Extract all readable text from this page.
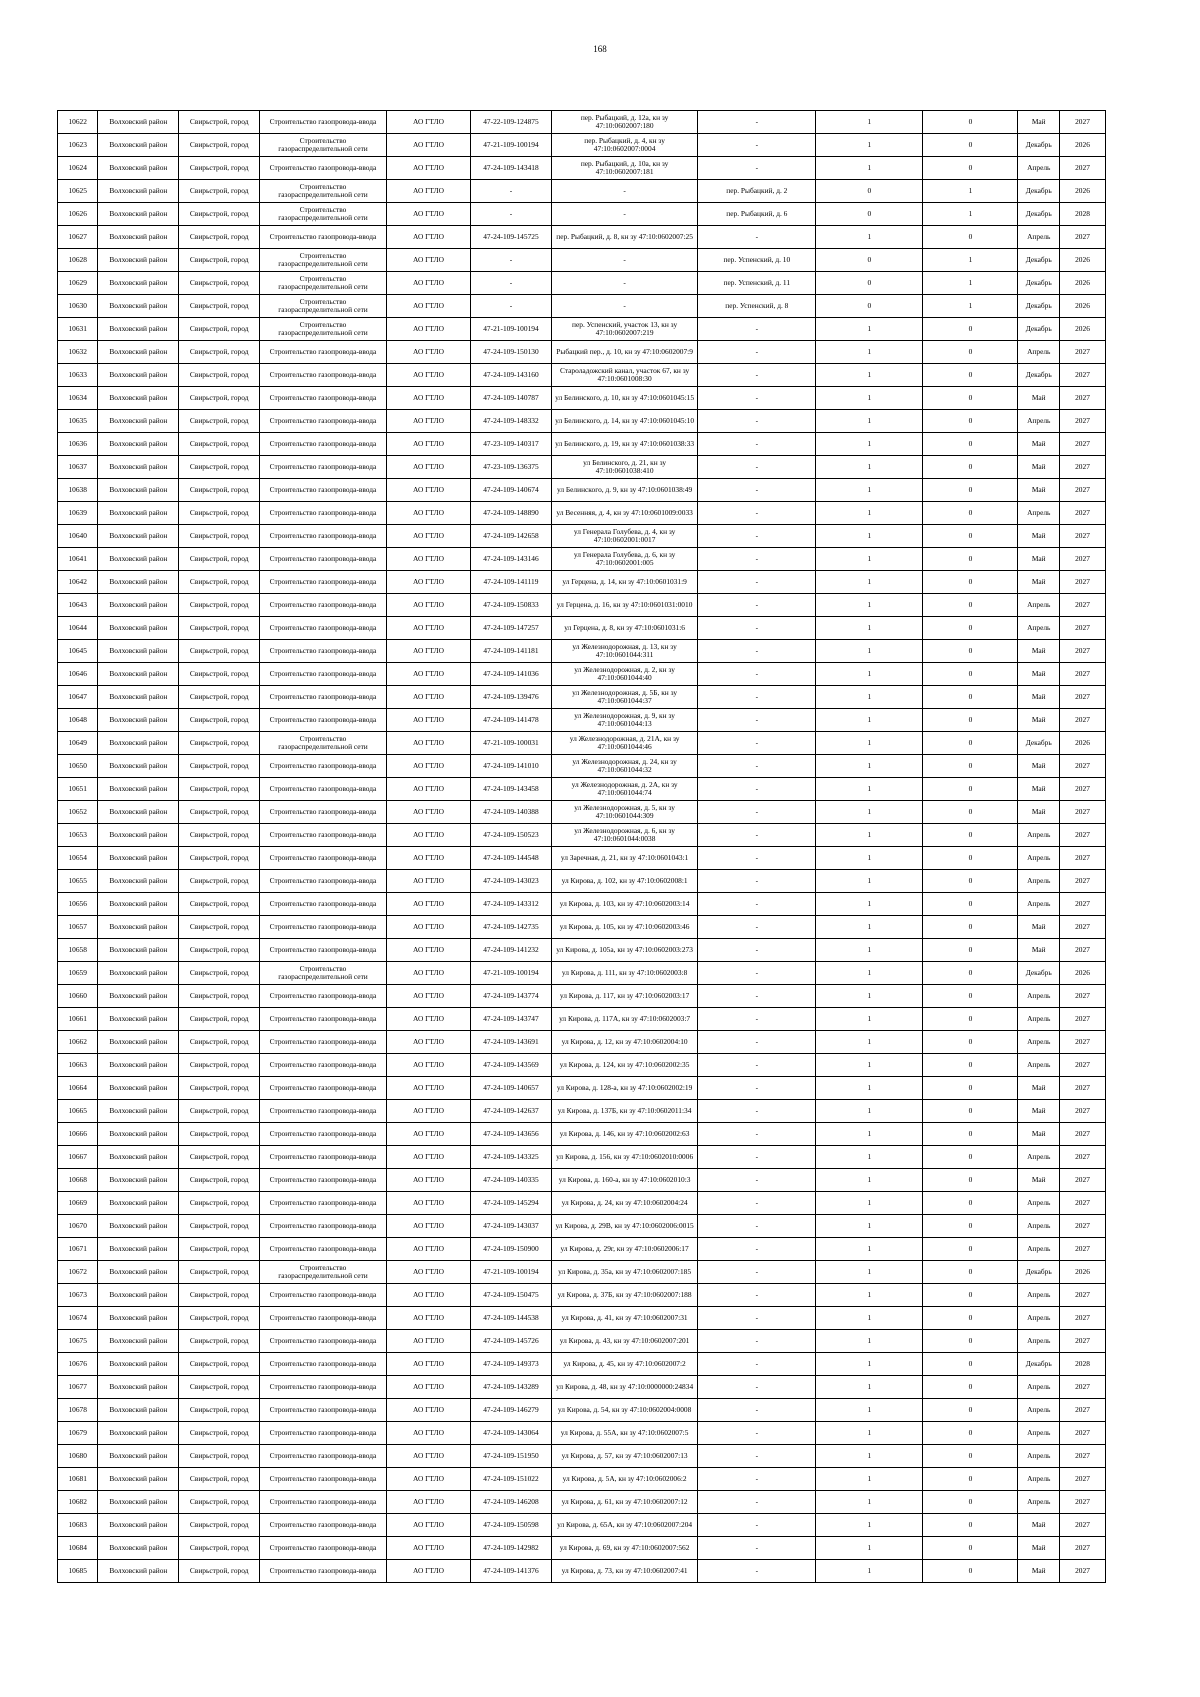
168
10622	Волховский район	Свирьстрой, город	Строительство газопровода-ввода	АО ГТЛО	47-22-109-124875	пер. Рыбацкий, д. 12а, кн зу 47:10:0602007:180	-	1	0	Май	2027
10623	Волховский район	Свирьстрой, город	Строительство газораспределительной сети	АО ГТЛО	47-21-109-100194	пер. Рыбацкий, д. 4, кн зу 47:10:0602007:0004	-	1	0	Декабрь	2026
10624	Волховский район	Свирьстрой, город	Строительство газопровода-ввода	АО ГТЛО	47-24-109-143418	пер. Рыбацкий, д. 10а, кн зу 47:10:0602007:181	-	1	0	Апрель	2027
10625	Волховский район	Свирьстрой, город	Строительство газораспределительной сети	АО ГТЛО	-	-	пер. Рыбацкий, д. 2	0	1	Декабрь	2026
10626	Волховский район	Свирьстрой, город	Строительство газораспределительной сети	АО ГТЛО	-	-	пер. Рыбацкий, д. 6	0	1	Декабрь	2028
10627	Волховский район	Свирьстрой, город	Строительство газопровода-ввода	АО ГТЛО	47-24-109-145725	пер. Рыбацкий, д. 8, кн зу 47:10:0602007:25	-	1	0	Апрель	2027
10628	Волховский район	Свирьстрой, город	Строительство газораспределительной сети	АО ГТЛО	-	-	пер. Успенский, д. 10	0	1	Декабрь	2026
10629	Волховский район	Свирьстрой, город	Строительство газораспределительной сети	АО ГТЛО	-	-	пер. Успенский, д. 11	0	1	Декабрь	2026
10630	Волховский район	Свирьстрой, город	Строительство газораспределительной сети	АО ГТЛО	-	-	пер. Успенский, д. 8	0	1	Декабрь	2026
10631	Волховский район	Свирьстрой, город	Строительство газораспределительной сети	АО ГТЛО	47-21-109-100194	пер. Успенский, участок 13, кн зу 47:10:0602007:219	-	1	0	Декабрь	2026
10632	Волховский район	Свирьстрой, город	Строительство газопровода-ввода	АО ГТЛО	47-24-109-150130	Рыбацкий пер., д. 10, кн зу 47:10:0602007:9	-	1	0	Апрель	2027
10633	Волховский район	Свирьстрой, город	Строительство газопровода-ввода	АО ГТЛО	47-24-109-143160	Староладожский канал, участок 67, кн зу 47:10:0601008:30	-	1	0	Декабрь	2027
10634	Волховский район	Свирьстрой, город	Строительство газопровода-ввода	АО ГТЛО	47-24-109-140787	ул Белинского, д. 10, кн зу 47:10:0601045:15	-	1	0	Май	2027
10635	Волховский район	Свирьстрой, город	Строительство газопровода-ввода	АО ГТЛО	47-24-109-148332	ул Белинского, д. 14, кн зу 47:10:0601045:10	-	1	0	Апрель	2027
10636	Волховский район	Свирьстрой, город	Строительство газопровода-ввода	АО ГТЛО	47-23-109-140317	ул Белинского, д. 19, кн зу 47:10:0601038:33	-	1	0	Май	2027
10637	Волховский район	Свирьстрой, город	Строительство газопровода-ввода	АО ГТЛО	47-23-109-136375	ул Белинского, д. 21, кн зу 47:10:0601038:410	-	1	0	Май	2027
10638	Волховский район	Свирьстрой, город	Строительство газопровода-ввода	АО ГТЛО	47-24-109-140674	ул Белинского, д. 9, кн зу 47:10:0601038:49	-	1	0	Май	2027
10639	Волховский район	Свирьстрой, город	Строительство газопровода-ввода	АО ГТЛО	47-24-109-148890	ул Весенняя, д. 4, кн зу 47:10:0601009:0033	-	1	0	Апрель	2027
10640	Волховский район	Свирьстрой, город	Строительство газопровода-ввода	АО ГТЛО	47-24-109-142658	ул Генерала Голубева, д. 4, кн зу 47:10:0602001:0017	-	1	0	Май	2027
10641	Волховский район	Свирьстрой, город	Строительство газопровода-ввода	АО ГТЛО	47-24-109-143146	ул Генерала Голубева, д. 6, кн зу 47:10:0602001:005	-	1	0	Май	2027
10642	Волховский район	Свирьстрой, город	Строительство газопровода-ввода	АО ГТЛО	47-24-109-141119	ул Герцена, д. 14, кн зу 47:10:0601031:9	-	1	0	Май	2027
10643	Волховский район	Свирьстрой, город	Строительство газопровода-ввода	АО ГТЛО	47-24-109-150833	ул Герцена, д. 16, кн зу 47:10:0601031:0010	-	1	0	Апрель	2027
10644	Волховский район	Свирьстрой, город	Строительство газопровода-ввода	АО ГТЛО	47-24-109-147257	ул Герцена, д. 8, кн зу 47:10:0601031:6	-	1	0	Апрель	2027
10645	Волховский район	Свирьстрой, город	Строительство газопровода-ввода	АО ГТЛО	47-24-109-141181	ул Железнодорожная, д. 13, кн зу 47:10:0601044:311	-	1	0	Май	2027
10646	Волховский район	Свирьстрой, город	Строительство газопровода-ввода	АО ГТЛО	47-24-109-141036	ул Железнодорожная, д. 2, кн зу 47:10:0601044:40	-	1	0	Май	2027
10647	Волховский район	Свирьстрой, город	Строительство газопровода-ввода	АО ГТЛО	47-24-109-139476	ул Железнодорожная, д. 5Б, кн зу 47:10:0601044:37	-	1	0	Май	2027
10648	Волховский район	Свирьстрой, город	Строительство газопровода-ввода	АО ГТЛО	47-24-109-141478	ул Железнодорожная, д. 9, кн зу 47:10:0601044:13	-	1	0	Май	2027
10649	Волховский район	Свирьстрой, город	Строительство газораспределительной сети	АО ГТЛО	47-21-109-100031	ул Железнодорожная, д. 21А, кн зу 47:10:0601044:46	-	1	0	Декабрь	2026
10650	Волховский район	Свирьстрой, город	Строительство газопровода-ввода	АО ГТЛО	47-24-109-141010	ул Железнодорожная, д. 24, кн зу 47:10:0601044:32	-	1	0	Май	2027
10651	Волховский район	Свирьстрой, город	Строительство газопровода-ввода	АО ГТЛО	47-24-109-143458	ул Железнодорожная, д. 2А, кн зу 47:10:0601044:74	-	1	0	Май	2027
10652	Волховский район	Свирьстрой, город	Строительство газопровода-ввода	АО ГТЛО	47-24-109-140388	ул Железнодорожная, д. 5, кн зу 47:10:0601044:309	-	1	0	Май	2027
10653	Волховский район	Свирьстрой, город	Строительство газопровода-ввода	АО ГТЛО	47-24-109-150523	ул Железнодорожная, д. 6, кн зу 47:10:0601044:0038	-	1	0	Апрель	2027
10654	Волховский район	Свирьстрой, город	Строительство газопровода-ввода	АО ГТЛО	47-24-109-144548	ул Заречная, д. 21, кн зу 47:10:0601043:1	-	1	0	Апрель	2027
10655	Волховский район	Свирьстрой, город	Строительство газопровода-ввода	АО ГТЛО	47-24-109-143023	ул Кирова, д. 102, кн зу 47:10:0602008:1	-	1	0	Апрель	2027
10656	Волховский район	Свирьстрой, город	Строительство газопровода-ввода	АО ГТЛО	47-24-109-143312	ул Кирова, д. 103, кн зу 47:10:0602003:14	-	1	0	Апрель	2027
10657	Волховский район	Свирьстрой, город	Строительство газопровода-ввода	АО ГТЛО	47-24-109-142735	ул Кирова, д. 105, кн зу 47:10:0602003:46	-	1	0	Май	2027
10658	Волховский район	Свирьстрой, город	Строительство газопровода-ввода	АО ГТЛО	47-24-109-141232	ул Кирова, д. 105а, кн зу 47:10:0602003:273	-	1	0	Май	2027
10659	Волховский район	Свирьстрой, город	Строительство газораспределительной сети	АО ГТЛО	47-21-109-100194	ул Кирова, д. 111, кн зу 47:10:0602003:8	-	1	0	Декабрь	2026
10660	Волховский район	Свирьстрой, город	Строительство газопровода-ввода	АО ГТЛО	47-24-109-143774	ул Кирова, д. 117, кн зу 47:10:0602003:17	-	1	0	Апрель	2027
10661	Волховский район	Свирьстрой, город	Строительство газопровода-ввода	АО ГТЛО	47-24-109-143747	ул Кирова, д. 117А, кн зу 47:10:0602003:7	-	1	0	Апрель	2027
10662	Волховский район	Свирьстрой, город	Строительство газопровода-ввода	АО ГТЛО	47-24-109-143691	ул Кирова, д. 12, кн зу 47:10:0602004:10	-	1	0	Апрель	2027
10663	Волховский район	Свирьстрой, город	Строительство газопровода-ввода	АО ГТЛО	47-24-109-143569	ул Кирова, д. 124, кн зу 47:10:0602002:35	-	1	0	Апрель	2027
10664	Волховский район	Свирьстрой, город	Строительство газопровода-ввода	АО ГТЛО	47-24-109-140657	ул Кирова, д. 128-а, кн зу 47:10:0602002:19	-	1	0	Май	2027
10665	Волховский район	Свирьстрой, город	Строительство газопровода-ввода	АО ГТЛО	47-24-109-142637	ул Кирова, д. 137Б, кн зу 47:10:0602011:34	-	1	0	Май	2027
10666	Волховский район	Свирьстрой, город	Строительство газопровода-ввода	АО ГТЛО	47-24-109-143656	ул Кирова, д. 146, кн зу 47:10:0602002:63	-	1	0	Май	2027
10667	Волховский район	Свирьстрой, город	Строительство газопровода-ввода	АО ГТЛО	47-24-109-143325	ул Кирова, д. 156, кн зу 47:10:0602010:0006	-	1	0	Апрель	2027
10668	Волховский район	Свирьстрой, город	Строительство газопровода-ввода	АО ГТЛО	47-24-109-140335	ул Кирова, д. 160-а, кн зу 47:10:0602010:3	-	1	0	Май	2027
10669	Волховский район	Свирьстрой, город	Строительство газопровода-ввода	АО ГТЛО	47-24-109-145294	ул Кирова, д. 24, кн зу 47:10:0602004:24	-	1	0	Апрель	2027
10670	Волховский район	Свирьстрой, город	Строительство газопровода-ввода	АО ГТЛО	47-24-109-143037	ул Кирова, д. 29В, кн зу 47:10:0602006:0015	-	1	0	Апрель	2027
10671	Волховский район	Свирьстрой, город	Строительство газопровода-ввода	АО ГТЛО	47-24-109-150900	ул Кирова, д. 29г, кн зу 47:10:0602006:17	-	1	0	Апрель	2027
10672	Волховский район	Свирьстрой, город	Строительство газораспределительной сети	АО ГТЛО	47-21-109-100194	ул Кирова, д. 35а, кн зу 47:10:0602007:185	-	1	0	Декабрь	2026
10673	Волховский район	Свирьстрой, город	Строительство газопровода-ввода	АО ГТЛО	47-24-109-150475	ул Кирова, д. 37Б, кн зу 47:10:0602007:188	-	1	0	Апрель	2027
10674	Волховский район	Свирьстрой, город	Строительство газопровода-ввода	АО ГТЛО	47-24-109-144538	ул Кирова, д. 41, кн зу 47:10:0602007:31	-	1	0	Апрель	2027
10675	Волховский район	Свирьстрой, город	Строительство газопровода-ввода	АО ГТЛО	47-24-109-145726	ул Кирова, д. 43, кн зу 47:10:0602007:201	-	1	0	Апрель	2027
10676	Волховский район	Свирьстрой, город	Строительство газопровода-ввода	АО ГТЛО	47-24-109-149373	ул Кирова, д. 45, кн зу 47:10:0602007:2	-	1	0	Декабрь	2028
10677	Волховский район	Свирьстрой, город	Строительство газопровода-ввода	АО ГТЛО	47-24-109-143289	ул Кирова, д. 48, кн зу 47:10:0000000:24834	-	1	0	Апрель	2027
10678	Волховский район	Свирьстрой, город	Строительство газопровода-ввода	АО ГТЛО	47-24-109-146279	ул Кирова, д. 54, кн зу 47:10:0602004:0008	-	1	0	Апрель	2027
10679	Волховский район	Свирьстрой, город	Строительство газопровода-ввода	АО ГТЛО	47-24-109-143064	ул Кирова, д. 55А, кн зу 47:10:0602007:5	-	1	0	Апрель	2027
10680	Волховский район	Свирьстрой, город	Строительство газопровода-ввода	АО ГТЛО	47-24-109-151950	ул Кирова, д. 57, кн зу 47:10:0602007:13	-	1	0	Апрель	2027
10681	Волховский район	Свирьстрой, город	Строительство газопровода-ввода	АО ГТЛО	47-24-109-151022	ул Кирова, д. 5А, кн зу 47:10:0602006:2	-	1	0	Апрель	2027
10682	Волховский район	Свирьстрой, город	Строительство газопровода-ввода	АО ГТЛО	47-24-109-146208	ул Кирова, д. 61, кн зу 47:10:0602007:12	-	1	0	Апрель	2027
10683	Волховский район	Свирьстрой, город	Строительство газопровода-ввода	АО ГТЛО	47-24-109-150598	ул Кирова, д. 65А, кн зу 47:10:0602007:204	-	1	0	Май	2027
10684	Волховский район	Свирьстрой, город	Строительство газопровода-ввода	АО ГТЛО	47-24-109-142982	ул Кирова, д. 69, кн зу 47:10:0602007:562	-	1	0	Май	2027
10685	Волховский район	Свирьстрой, город	Строительство газопровода-ввода	АО ГТЛО	47-24-109-141376	ул Кирова, д. 73, кн зу 47:10:0602007:41	-	1	0	Май	2027
